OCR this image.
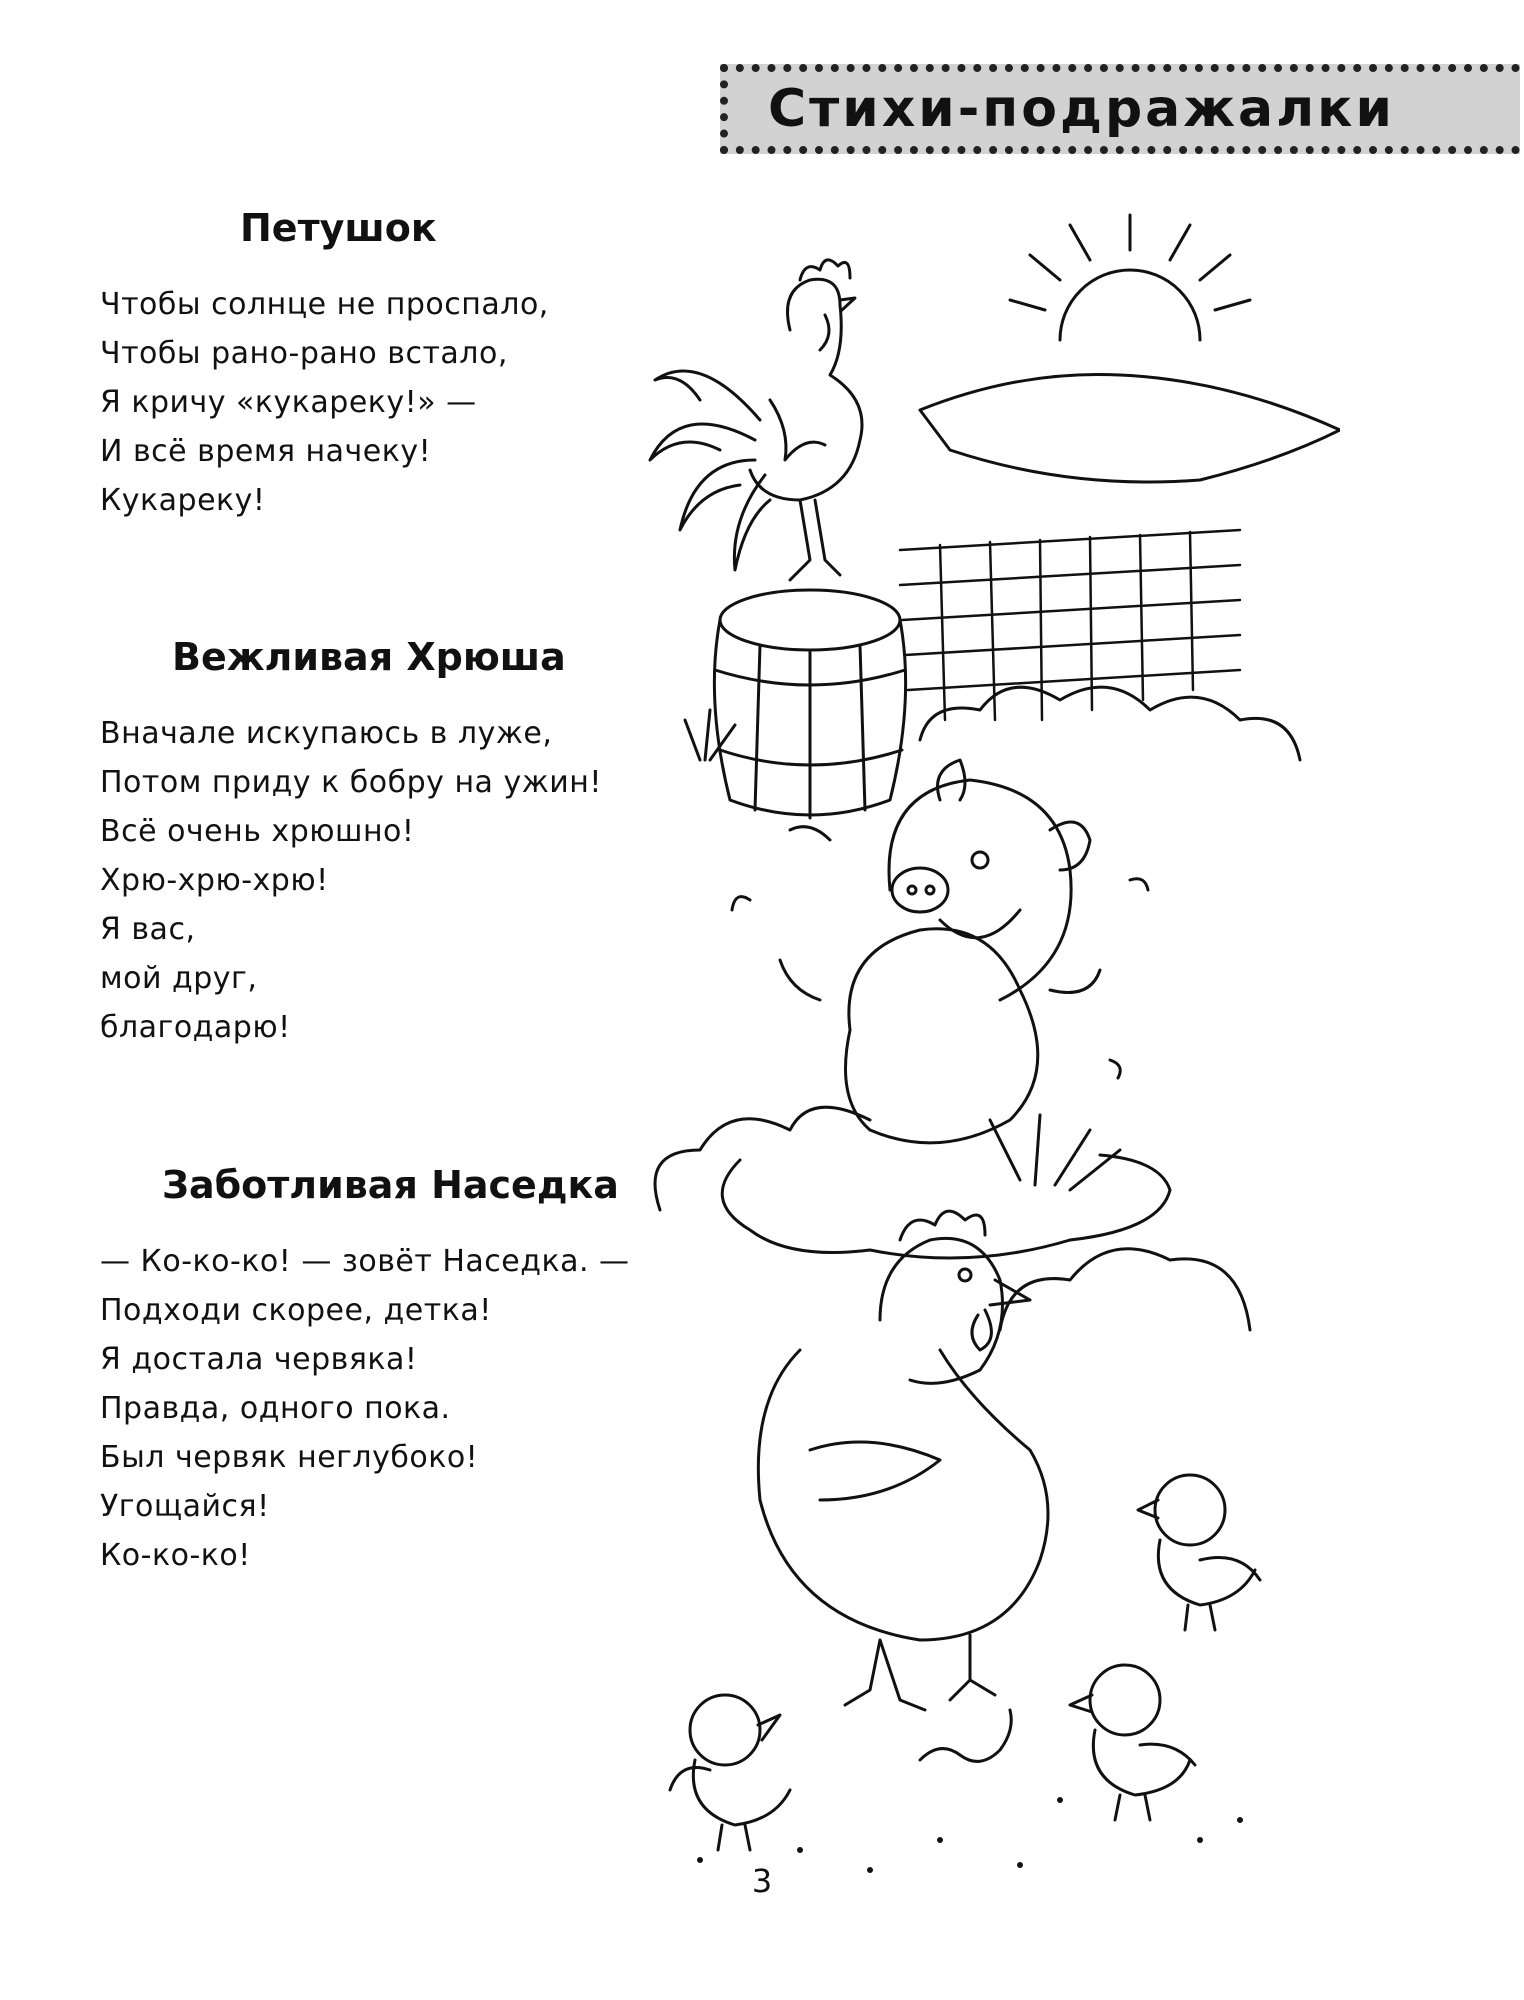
Стихи-подражалки
Петушок
Чтобы солнце не проспало,
Чтобы рано-рано встало,
Я кричу «кукареку!» —
И всё время начеку!
Кукареку!
Вежливая Хрюша
Вначале искупаюсь в луже,
Потом приду к бобру на ужин!
Всё очень хрюшно!
Хрю-хрю-хрю!
Я вас,
мой друг,
благодарю!
Заботливая Наседка
— Ко-ко-ко! — зовёт Наседка. —
Подходи скорее, детка!
Я достала червяка!
Правда, одного пока.
Был червяк неглубоко!
Угощайся!
Ко-ко-ко!
3
